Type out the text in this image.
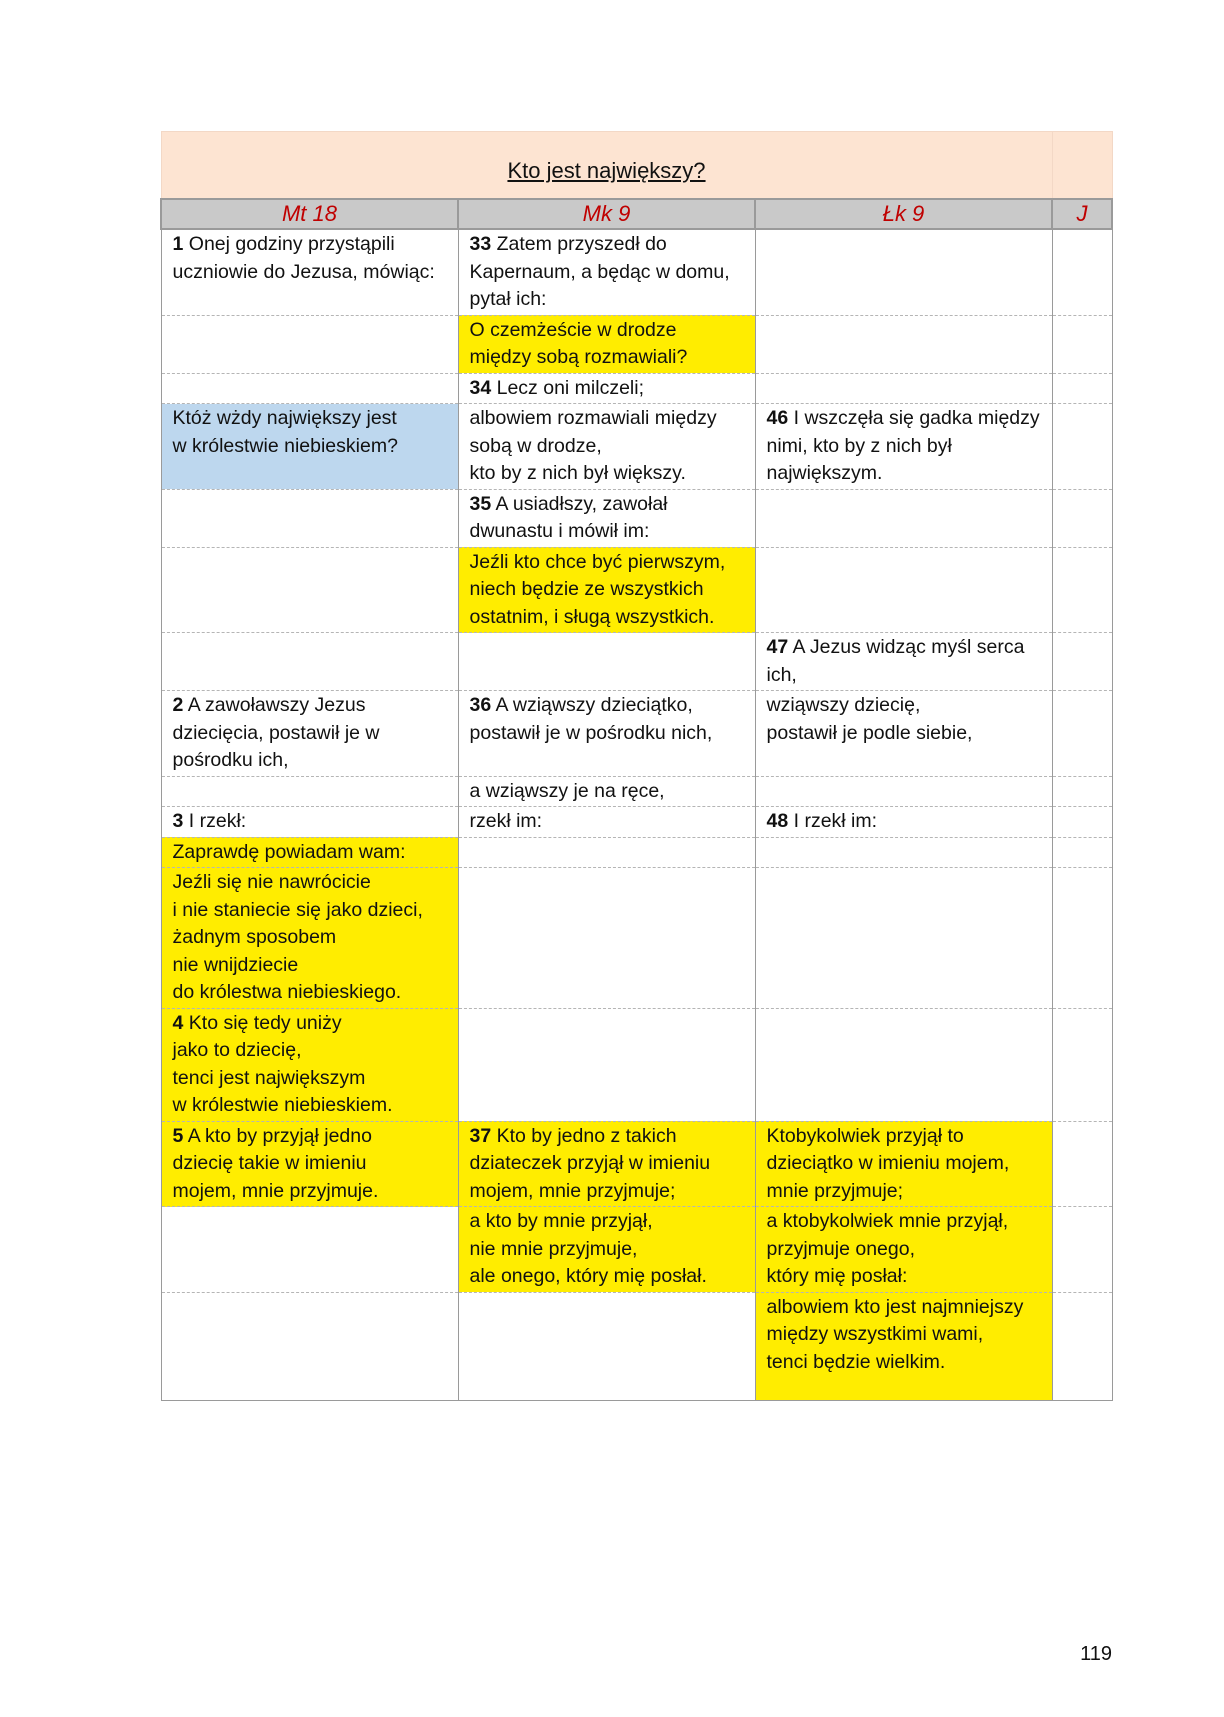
Kto jest największy?			
Mt 18	Mk 9	Łk 9	J

1 Onej godziny przystąpili
uczniowie do Jezusa, mówiąc:	33 Zatem przyszedł do
Kapernaum, a będąc w domu,
pytał ich:		

	O czemżeście w drodze
między sobą rozmawiali?		

	34 Lecz oni milczeli;		

Któż wżdy największy jest
w królestwie niebieskiem?	albowiem rozmawiali między
sobą w drodze,
kto by z nich był większy.	46 I wszczęła się gadka między
nimi, kto by z nich był
największym.	

	35 A usiadłszy, zawołał
dwunastu i mówił im:		

	Jeźli kto chce być pierwszym,
niech będzie ze wszystkich
ostatnim, i sługą wszystkich.		

		47 A Jezus widząc myśl serca
ich,	

2 A zawoławszy Jezus
dziecięcia, postawił je w
pośrodku ich,	36 A wziąwszy dzieciątko,
postawił je w pośrodku nich,	wziąwszy dziecię,
postawił je podle siebie,	

	a wziąwszy je na ręce,		

3 I rzekł:	rzekł im:	48 I rzekł im:	

Zaprawdę powiadam wam:			

Jeźli się nie nawrócicie
i nie staniecie się jako dzieci,
żadnym sposobem
nie wnijdziecie
do królestwa niebieskiego.			

4 Kto się tedy uniży
jako to dziecię,
tenci jest największym
w królestwie niebieskiem.			

5 A kto by przyjął jedno
dziecię takie w imieniu
mojem, mnie przyjmuje.	37 Kto by jedno z takich
dziateczek przyjął w imieniu
mojem, mnie przyjmuje;	Ktobykolwiek przyjął to
dzieciątko w imieniu mojem,
mnie przyjmuje;	

	a kto by mnie przyjął,
nie mnie przyjmuje,
ale onego, który mię posłał.	a ktobykolwiek mnie przyjął,
przyjmuje onego,
który mię posłał:	

		albowiem kto jest najmniejszy
między wszystkimi wami,
tenci będzie wielkim.	

119
